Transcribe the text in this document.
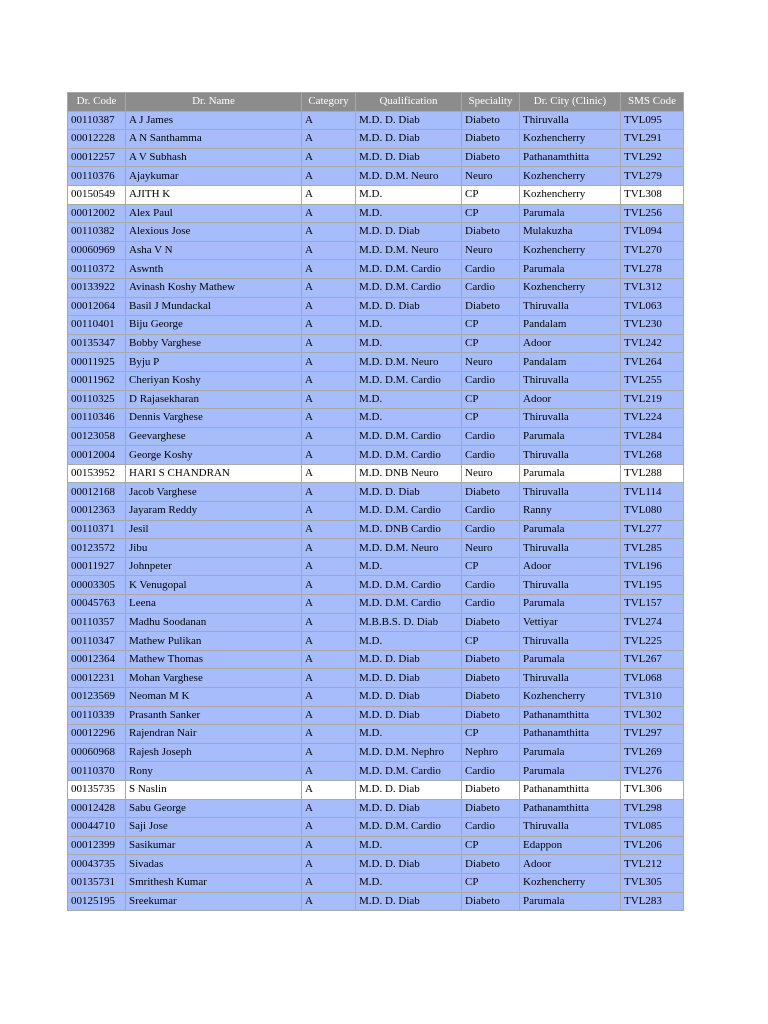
Dr. Code	Dr. Name	Category	Qualification	Speciality	Dr. City (Clinic)	SMS Code
00110387	A J James	A	M.D. D. Diab	Diabeto	Thiruvalla	TVL095
00012228	A N Santhamma	A	M.D. D. Diab	Diabeto	Kozhencherry	TVL291
00012257	A V Subhash	A	M.D. D. Diab	Diabeto	Pathanamthitta	TVL292
00110376	Ajaykumar	A	M.D. D.M. Neuro	Neuro	Kozhencherry	TVL279
00150549	AJITH K	A	M.D.	CP	Kozhencherry	TVL308
00012002	Alex Paul	A	M.D.	CP	Parumala	TVL256
00110382	Alexious Jose	A	M.D. D. Diab	Diabeto	Mulakuzha	TVL094
00060969	Asha V N	A	M.D. D.M. Neuro	Neuro	Kozhencherry	TVL270
00110372	Aswnth	A	M.D. D.M. Cardio	Cardio	Parumala	TVL278
00133922	Avinash Koshy Mathew	A	M.D. D.M. Cardio	Cardio	Kozhencherry	TVL312
00012064	Basil J Mundackal	A	M.D. D. Diab	Diabeto	Thiruvalla	TVL063
00110401	Biju George	A	M.D.	CP	Pandalam	TVL230
00135347	Bobby Varghese	A	M.D.	CP	Adoor	TVL242
00011925	Byju P	A	M.D. D.M. Neuro	Neuro	Pandalam	TVL264
00011962	Cheriyan Koshy	A	M.D. D.M. Cardio	Cardio	Thiruvalla	TVL255
00110325	D Rajasekharan	A	M.D.	CP	Adoor	TVL219
00110346	Dennis Varghese	A	M.D.	CP	Thiruvalla	TVL224
00123058	Geevarghese	A	M.D. D.M. Cardio	Cardio	Parumala	TVL284
00012004	George Koshy	A	M.D. D.M. Cardio	Cardio	Thiruvalla	TVL268
00153952	HARI S CHANDRAN	A	M.D. DNB Neuro	Neuro	Parumala	TVL288
00012168	Jacob Varghese	A	M.D. D. Diab	Diabeto	Thiruvalla	TVL114
00012363	Jayaram Reddy	A	M.D. D.M. Cardio	Cardio	Ranny	TVL080
00110371	Jesil	A	M.D. DNB Cardio	Cardio	Parumala	TVL277
00123572	Jibu	A	M.D. D.M. Neuro	Neuro	Thiruvalla	TVL285
00011927	Johnpeter	A	M.D.	CP	Adoor	TVL196
00003305	K Venugopal	A	M.D. D.M. Cardio	Cardio	Thiruvalla	TVL195
00045763	Leena	A	M.D. D.M. Cardio	Cardio	Parumala	TVL157
00110357	Madhu Soodanan	A	M.B.B.S. D. Diab	Diabeto	Vettiyar	TVL274
00110347	Mathew Pulikan	A	M.D.	CP	Thiruvalla	TVL225
00012364	Mathew Thomas	A	M.D. D. Diab	Diabeto	Parumala	TVL267
00012231	Mohan Varghese	A	M.D. D. Diab	Diabeto	Thiruvalla	TVL068
00123569	Neoman M K	A	M.D. D. Diab	Diabeto	Kozhencherry	TVL310
00110339	Prasanth Sanker	A	M.D. D. Diab	Diabeto	Pathanamthitta	TVL302
00012296	Rajendran Nair	A	M.D.	CP	Pathanamthitta	TVL297
00060968	Rajesh Joseph	A	M.D. D.M. Nephro	Nephro	Parumala	TVL269
00110370	Rony	A	M.D. D.M. Cardio	Cardio	Parumala	TVL276
00135735	S Naslin	A	M.D. D. Diab	Diabeto	Pathanamthitta	TVL306
00012428	Sabu George	A	M.D. D. Diab	Diabeto	Pathanamthitta	TVL298
00044710	Saji Jose	A	M.D. D.M. Cardio	Cardio	Thiruvalla	TVL085
00012399	Sasikumar	A	M.D.	CP	Edappon	TVL206
00043735	Sivadas	A	M.D. D. Diab	Diabeto	Adoor	TVL212
00135731	Smrithesh Kumar	A	M.D.	CP	Kozhencherry	TVL305
00125195	Sreekumar	A	M.D. D. Diab	Diabeto	Parumala	TVL283
